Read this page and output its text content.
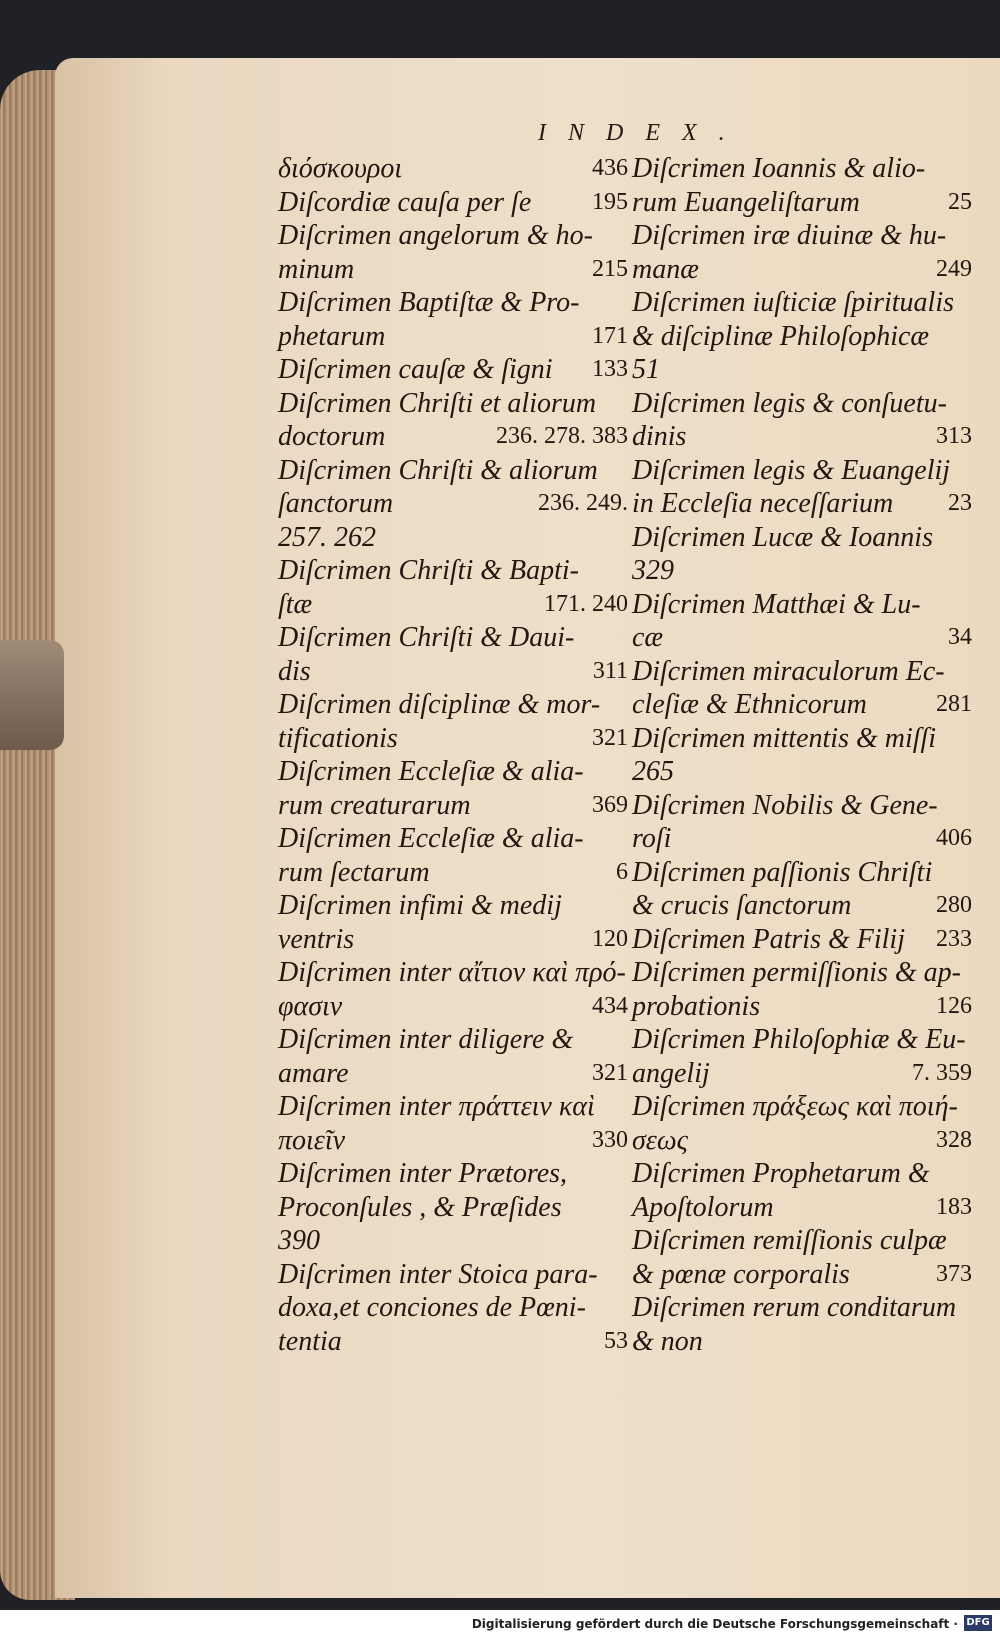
INDEX.
διόσκουροι	436
Diſcordiæ cauſa per ſe	195
Diſcrimen angelorum & ho-
minum	215
Diſcrimen Baptiſtæ & Pro-
phetarum	171
Diſcrimen cauſæ & ſigni 133
Diſcrimen Chriſti et aliorum
doctorum	236. 278. 383
Diſcrimen Chriſti & aliorum
ſanctorum	236. 249.
257. 262
Diſcrimen Chriſti & Bapti-
ſtæ	171. 240
Diſcrimen Chriſti & Daui-
dis	311
Diſcrimen diſciplinæ & mor-
tificationis	321
Diſcrimen Eccleſiæ & alia-
rum creaturarum	369
Diſcrimen Eccleſiæ & alia-
rum ſectarum	6
Diſcrimen infimi & medij
ventris	120
Diſcrimen inter αἴτιον καὶ πρό-
φασιν	434
Diſcrimen inter diligere &
amare	321
Diſcrimen inter πράττειν καὶ
ποιεῖν	330
Diſcrimen inter Prætores,
Proconſules , & Præſides
390
Diſcrimen inter Stoica para-
doxa,et conciones de Pœni-
tentia	53
Diſcrimen Ioannis & alio-
rum Euangeliſtarum	25
Diſcrimen iræ diuinæ & hu-
manæ	249
Diſcrimen iuſticiæ ſpiritualis
& diſciplinæ Philoſophicæ
51
Diſcrimen legis & conſuetu-
dinis	313
Diſcrimen legis & Euangelij
in Eccleſia neceſſarium 23
Diſcrimen Lucæ & Ioannis
329
Diſcrimen Matthæi & Lu-
cæ	34
Diſcrimen miraculorum Ec-
cleſiæ & Ethnicorum	281
Diſcrimen mittentis & miſſi
265
Diſcrimen Nobilis & Gene-
roſi	406
Diſcrimen paſſionis Chriſti
& crucis ſanctorum	280
Diſcrimen Patris & Filij 233
Diſcrimen permiſſionis & ap-
probationis	126
Diſcrimen Philoſophiæ & Eu-
angelij	7. 359
Diſcrimen πράξεως καὶ ποιή-
σεως	328
Diſcrimen Prophetarum &
Apoſtolorum	183
Diſcrimen remiſſionis culpæ
& pœnæ corporalis	373
Diſcrimen rerum conditarum
& non
Digitalisierung gefördert durch die Deutsche Forschungsgemeinschaft · DFG
